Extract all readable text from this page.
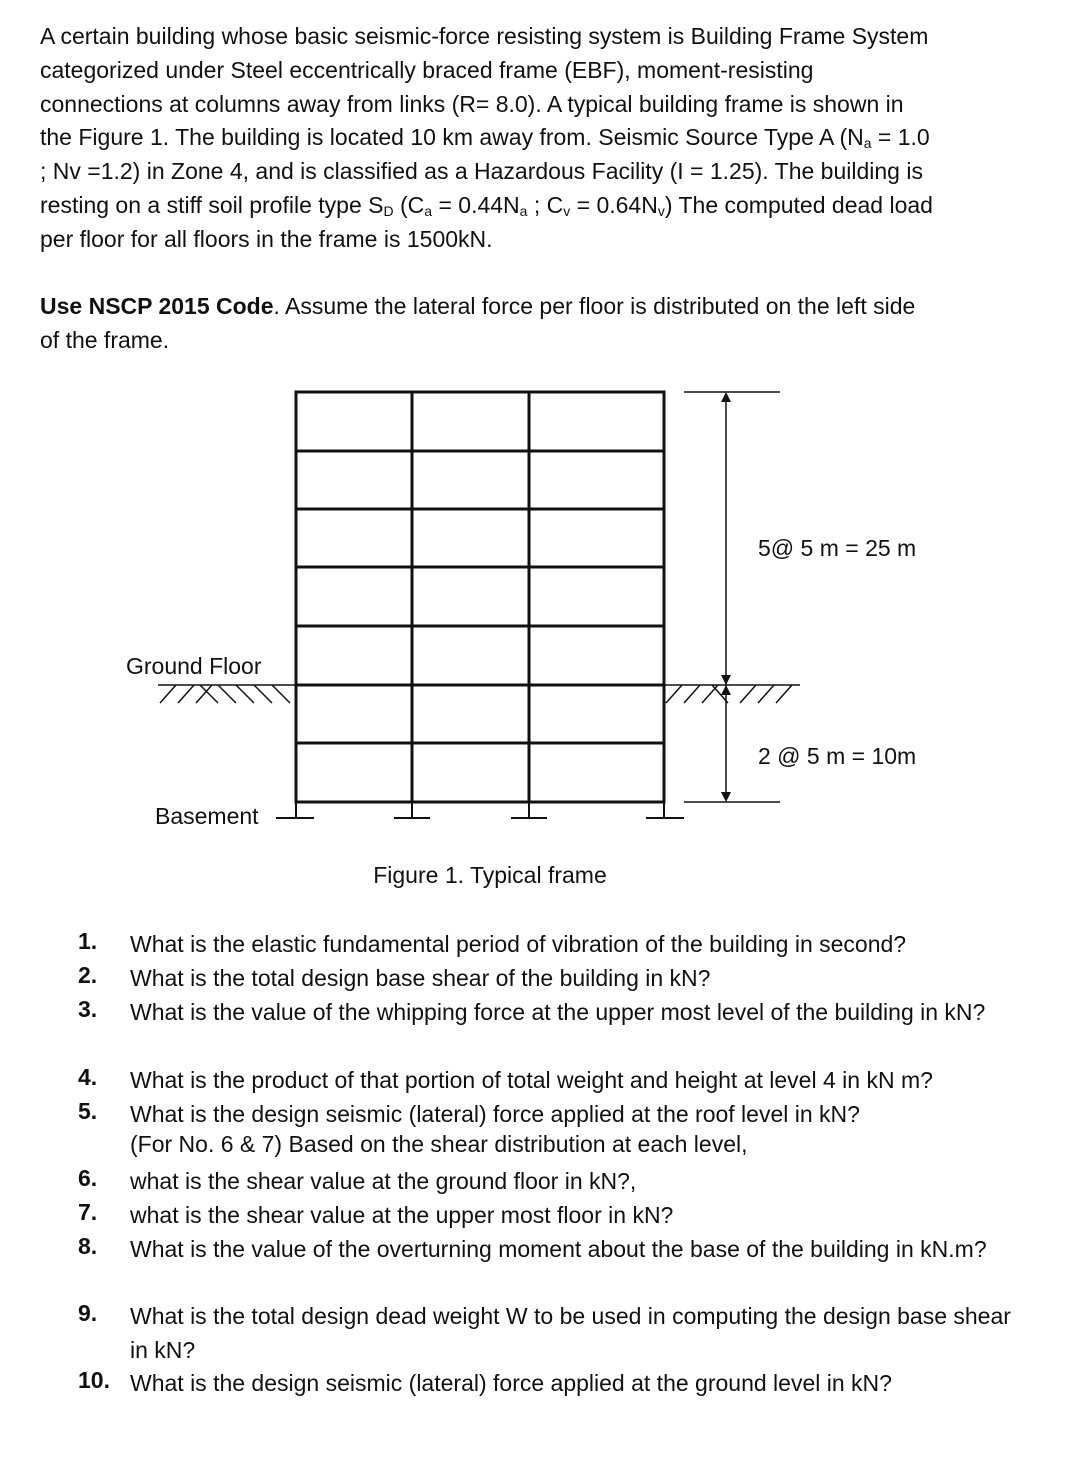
A certain building whose basic seismic-force resisting system is Building Frame System
categorized under Steel eccentrically braced frame (EBF), moment-resisting
connections at columns away from links (R= 8.0). A typical building frame is shown in
the Figure 1. The building is located 10 km away from. Seismic Source Type A ($N_a = 1.0$
; Nv =1.2) in Zone 4, and is classified as a Hazardous Facility (I = 1.25). The building is
resting on a stiff soil profile type $S_D$ ($C_a = 0.44N_a$ ; $C_v = 0.64N_v$) The computed dead load
per floor for all floors in the frame is 1500kN.
Use NSCP 2015 Code. Assume the lateral force per floor is distributed on the left side
of the frame.
Ground Floor
Basement
5@ 5 m = 25 m
2 @ 5 m = 10m
Figure 1. Typical frame
1.	What is the elastic fundamental period of vibration of the building in second?
2.	What is the total design base shear of the building in kN?
3.	What is the value of the whipping force at the upper most level of the building in kN?
4.	What is the product of that portion of total weight and height at level 4 in kN m?
5.	What is the design seismic (lateral) force applied at the roof level in kN?
(For No. 6 & 7) Based on the shear distribution at each level,
6.	what is the shear value at the ground floor in kN?,
7.	what is the shear value at the upper most floor in kN?
8.	What is the value of the overturning moment about the base of the building in kN.m?
9.	What is the total design dead weight W to be used in computing the design base shear in kN?
10. What is the design seismic (lateral) force applied at the ground level in kN?
